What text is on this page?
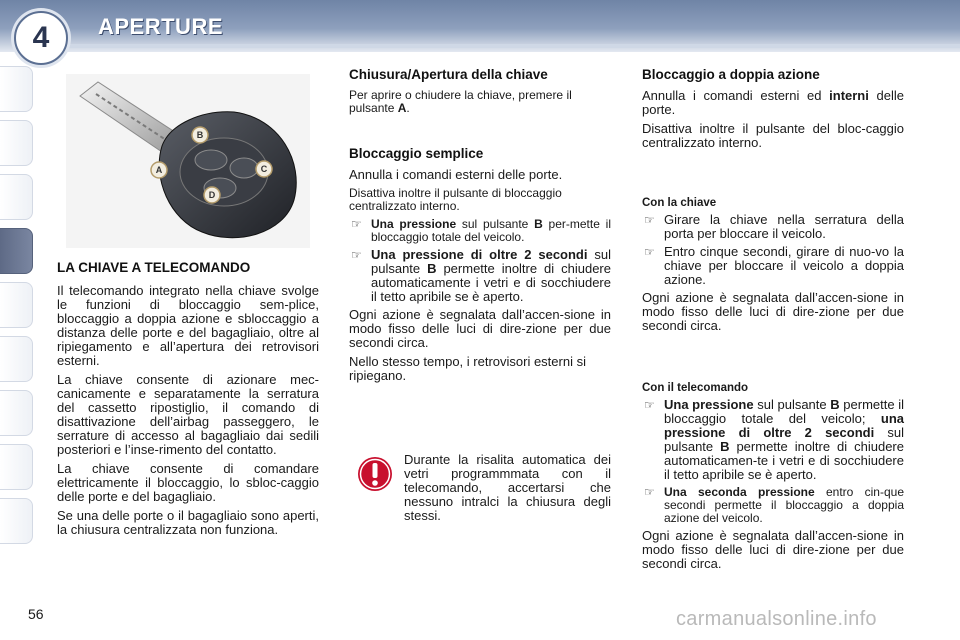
4	APERTURE
A
B
C
D
LA CHIAVE A TELECOMANDO

Il telecomando integrato nella chiave svolge le funzioni di bloccaggio sem-plice, bloccaggio a doppia azione e sbloccaggio a distanza delle porte e del bagagliaio, oltre al ripiegamento e all’apertura dei retrovisori esterni.

La chiave consente di azionare mec-canicamente e separatamente la serratura del cassetto ripostiglio, il comando di disattivazione dell’airbag passeggero, le serrature di accesso al bagagliaio dai sedili posteriori e l’inse-rimento del contatto.

La chiave consente di comandare elettricamente il bloccaggio, lo sbloc-caggio delle porte e del bagagliaio.

Se una delle porte o il bagagliaio sono aperti, la chiusura centralizzata non funziona.

Chiusura/Apertura della chiave

Per aprire o chiudere la chiave, premere il pulsante A.

Bloccaggio semplice

Annulla i comandi esterni delle porte.

Disattiva inoltre il pulsante di bloccaggio centralizzato interno.

☞ Una pressione sul pulsante B per-mette il bloccaggio totale del veicolo.
☞ Una pressione di oltre 2 secondi sul pulsante B permette inoltre di chiudere automaticamente i vetri e di socchiudere il tetto apribile se è aperto.

Ogni azione è segnalata dall’accen-sione in modo fisso delle luci di dire-zione per due secondi circa.

Nello stesso tempo, i retrovisori esterni si ripiegano.

Durante la risalita automatica dei vetri programmmata con il telecomando, accertarsi che nessuno intralci la chiusura degli stessi.

Bloccaggio a doppia azione

Annulla i comandi esterni ed interni delle porte.

Disattiva inoltre il pulsante del bloc-caggio centralizzato interno.

Con la chiave
☞ Girare la chiave nella serratura della porta per bloccare il veicolo.
☞ Entro cinque secondi, girare di nuo-vo la chiave per bloccare il veicolo a doppia azione.

Ogni azione è segnalata dall’accen-sione in modo fisso delle luci di dire-zione per due secondi circa.

Con il telecomando
☞ Una pressione sul pulsante B permette il bloccaggio totale del veicolo; una pressione di oltre 2 secondi sul pulsante B permette inoltre di chiudere automaticamen-te i vetri e di socchiudere il tetto apribile se è aperto.
☞ Una seconda pressione entro cin-que secondi permette il bloccaggio a doppia azione del veicolo.

Ogni azione è segnalata dall’accen-sione in modo fisso delle luci di dire-zione per due secondi circa.

56	carmanualsonline.info
